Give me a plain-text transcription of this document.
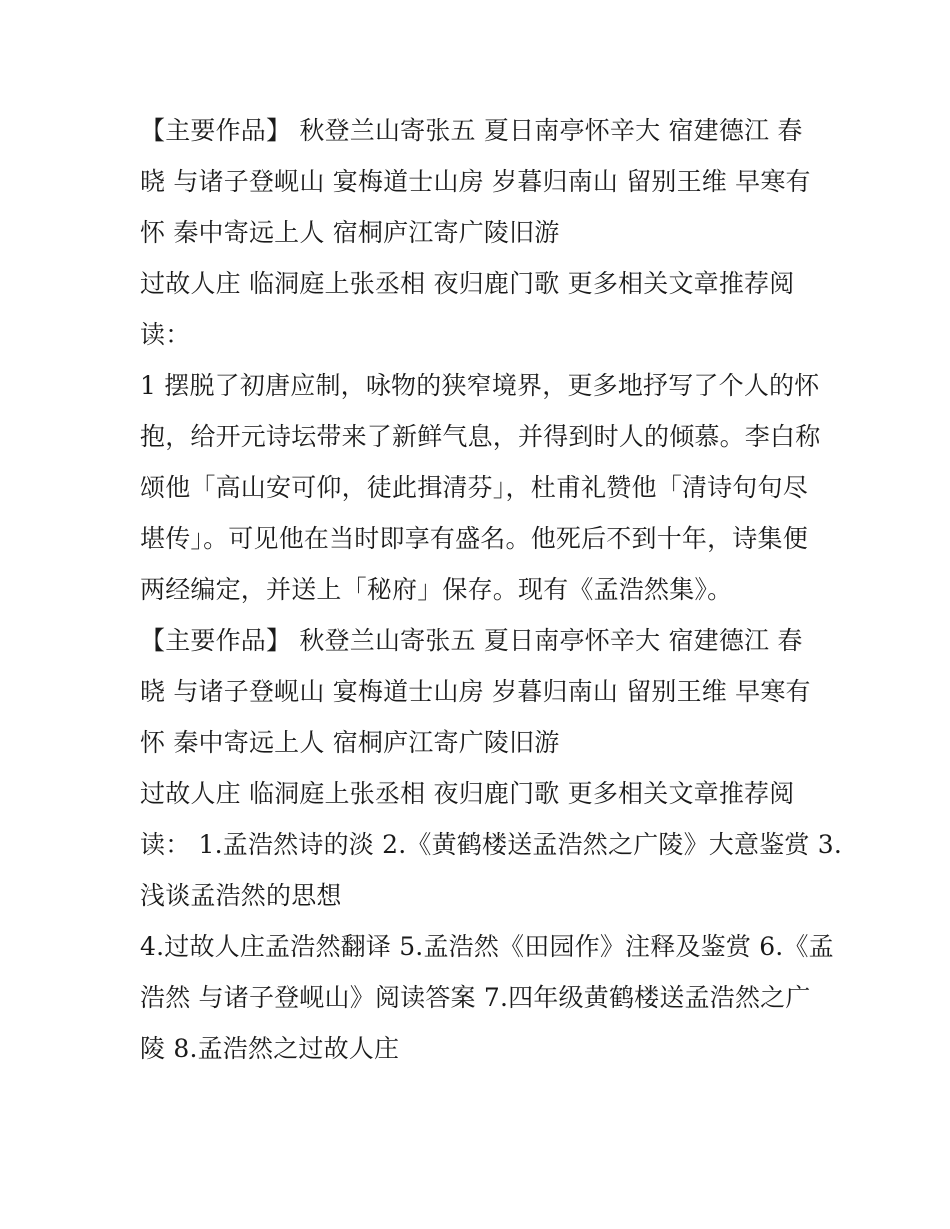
【主要作品】 秋登兰山寄张五 夏日南亭怀辛大 宿建德江 春
晓 与诸子登岘山 宴梅道士山房 岁暮归南山 留别王维 早寒有
怀 秦中寄远上人 宿桐庐江寄广陵旧游
过故人庄 临洞庭上张丞相 夜归鹿门歌 更多相关文章推荐阅
读：
1 摆脱了初唐应制，咏物的狭窄境界，更多地抒写了个人的怀
抱，给开元诗坛带来了新鲜气息，并得到时人的倾慕。李白称
颂他「高山安可仰，徒此揖清芬」，杜甫礼赞他「清诗句句尽
堪传」。可见他在当时即享有盛名。他死后不到十年，诗集便
两经编定，并送上「秘府」保存。现有《孟浩然集》。
【主要作品】 秋登兰山寄张五 夏日南亭怀辛大 宿建德江 春
晓 与诸子登岘山 宴梅道士山房 岁暮归南山 留别王维 早寒有
怀 秦中寄远上人 宿桐庐江寄广陵旧游
过故人庄 临洞庭上张丞相 夜归鹿门歌 更多相关文章推荐阅
读： 1.孟浩然诗的淡 2.《黄鹤楼送孟浩然之广陵》大意鉴赏 3.
浅谈孟浩然的思想
4.过故人庄孟浩然翻译 5.孟浩然《田园作》注释及鉴赏 6.《孟
浩然 与诸子登岘山》阅读答案 7.四年级黄鹤楼送孟浩然之广
陵 8.孟浩然之过故人庄
